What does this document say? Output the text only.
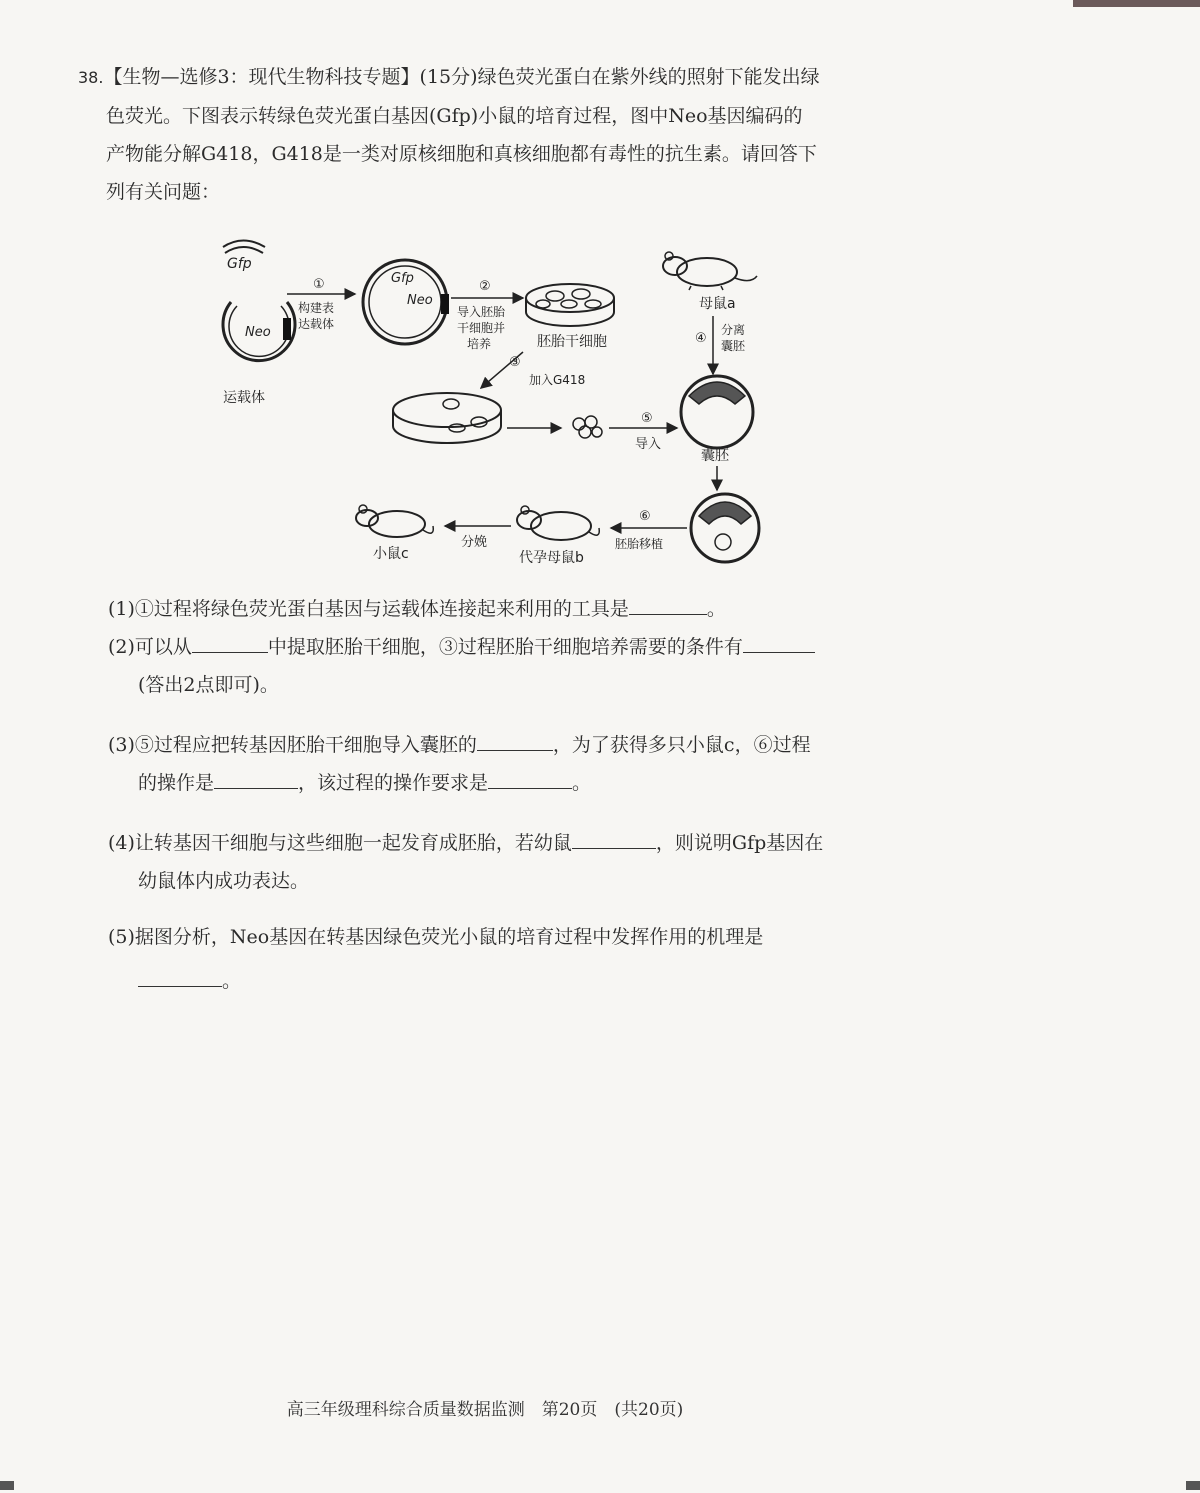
38.【生物—选修3：现代生物科技专题】(15分)绿色荧光蛋白在紫外线的照射下能发出绿
色荧光。下图表示转绿色荧光蛋白基因(Gfp)小鼠的培育过程，图中Neo基因编码的
产物能分解G418，G418是一类对原核细胞和真核细胞都有毒性的抗生素。请回答下
列有关问题：
Gfp
Neo
运载体
①
构建表
达载体
Gfp
Neo
②
导入胚胎
干细胞并
培养	胚胎干细胞
母鼠a
④
分离
囊胚
③
加入G418
⑤
导入
囊胚
⑥
胚胎移植
代孕母鼠b
分娩
小鼠c
(1)①过程将绿色荧光蛋白基因与运载体连接起来利用的工具是	。
(2)可以从	中提取胚胎干细胞，③过程胚胎干细胞培养需要的条件有
(答出2点即可)。
(3)⑤过程应把转基因胚胎干细胞导入囊胚的	，为了获得多只小鼠c，⑥过程
的操作是	，该过程的操作要求是	。
(4)让转基因干细胞与这些细胞一起发育成胚胎，若幼鼠	，则说明Gfp基因在
幼鼠体内成功表达。
(5)据图分析，Neo基因在转基因绿色荧光小鼠的培育过程中发挥作用的机理是
。
高三年级理科综合质量数据监测　第20页　(共20页)
